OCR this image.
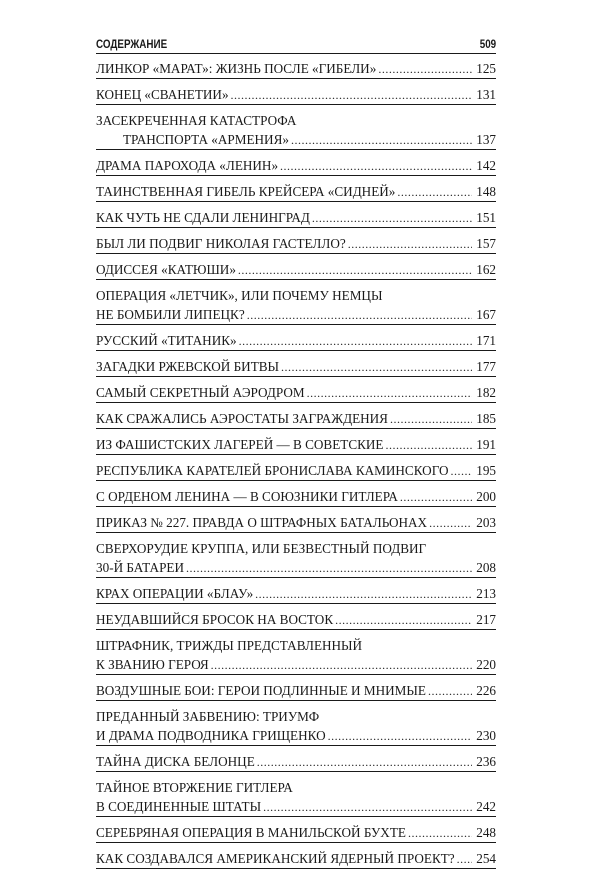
СОДЕРЖАНИЕ	509
ЛИНКОР «МАРАТ»: ЖИЗНЬ ПОСЛЕ «ГИБЕЛИ» .....	125
КОНЕЦ «СВАНЕТИИ» .....	131
ЗАСЕКРЕЧЕННАЯ КАТАСТРОФА
ТРАНСПОРТА «АРМЕНИЯ» .....	137
ДРАМА ПАРОХОДА «ЛЕНИН» .....	142
ТАИНСТВЕННАЯ ГИБЕЛЬ КРЕЙСЕРА «СИДНЕЙ» .....	148
КАК ЧУТЬ НЕ СДАЛИ ЛЕНИНГРАД .....	151
БЫЛ ЛИ ПОДВИГ НИКОЛАЯ ГАСТЕЛЛО? .....	157
ОДИССЕЯ «КАТЮШИ» .....	162
ОПЕРАЦИЯ «ЛЕТЧИК», ИЛИ ПОЧЕМУ НЕМЦЫ
НЕ БОМБИЛИ ЛИПЕЦК? .....	167
РУССКИЙ «ТИТАНИК» .....	171
ЗАГАДКИ РЖЕВСКОЙ БИТВЫ .....	177
САМЫЙ СЕКРЕТНЫЙ АЭРОДРОМ .....	182
КАК СРАЖАЛИСЬ АЭРОСТАТЫ ЗАГРАЖДЕНИЯ .....	185
ИЗ ФАШИСТСКИХ ЛАГЕРЕЙ — В СОВЕТСКИЕ .....	191
РЕСПУБЛИКА КАРАТЕЛЕЙ БРОНИСЛАВА КАМИНСКОГО ..... 195
С ОРДЕНОМ ЛЕНИНА — В СОЮЗНИКИ ГИТЛЕРА .....	200
ПРИКАЗ № 227. ПРАВДА О ШТРАФНЫХ БАТАЛЬОНАХ .....	203
СВЕРХОРУДИЕ КРУППА, ИЛИ БЕЗВЕСТНЫЙ ПОДВИГ
30-Й БАТАРЕИ .....	208
КРАХ ОПЕРАЦИИ «БЛАУ» .....	213
НЕУДАВШИЙСЯ БРОСОК НА ВОСТОК .....	217
ШТРАФНИК, ТРИЖДЫ ПРЕДСТАВЛЕННЫЙ
К ЗВАНИЮ ГЕРОЯ .....	220
ВОЗДУШНЫЕ БОИ: ГЕРОИ ПОДЛИННЫЕ И МНИМЫЕ .....	226
ПРЕДАННЫЙ ЗАБВЕНИЮ: ТРИУМФ
И ДРАМА ПОДВОДНИКА ГРИЩЕНКО .....	230
ТАЙНА ДИСКА БЕЛОНЦЕ .....	236
ТАЙНОЕ ВТОРЖЕНИЕ ГИТЛЕРА
В СОЕДИНЕННЫЕ ШТАТЫ .....	242
СЕРЕБРЯНАЯ ОПЕРАЦИЯ В МАНИЛЬСКОЙ БУХТЕ .....	248
КАК СОЗДАВАЛСЯ АМЕРИКАНСКИЙ ЯДЕРНЫЙ ПРОЕКТ? ..... 254
